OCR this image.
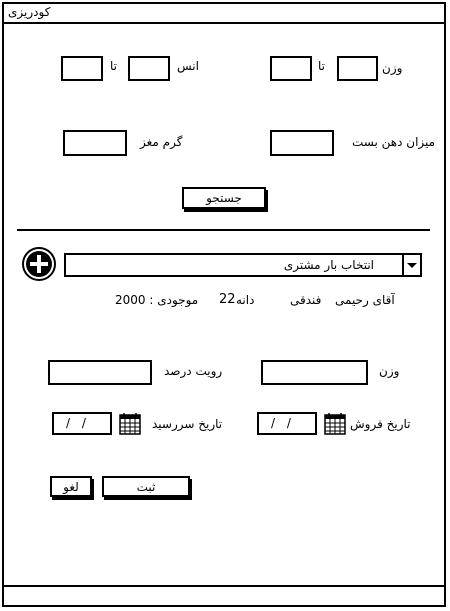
کودریزی
وزن
تا
انس
تا
میزان دهن بست
گرم مغز
جستجو
انتخاب بار مشتری
آقای رحیمی
فندقی
دانه
22
موجودی : 2000
وزن
رویت درصد
تاریخ فروش
/ /
تاریخ سررسید
/ /
ثبت
لغو
